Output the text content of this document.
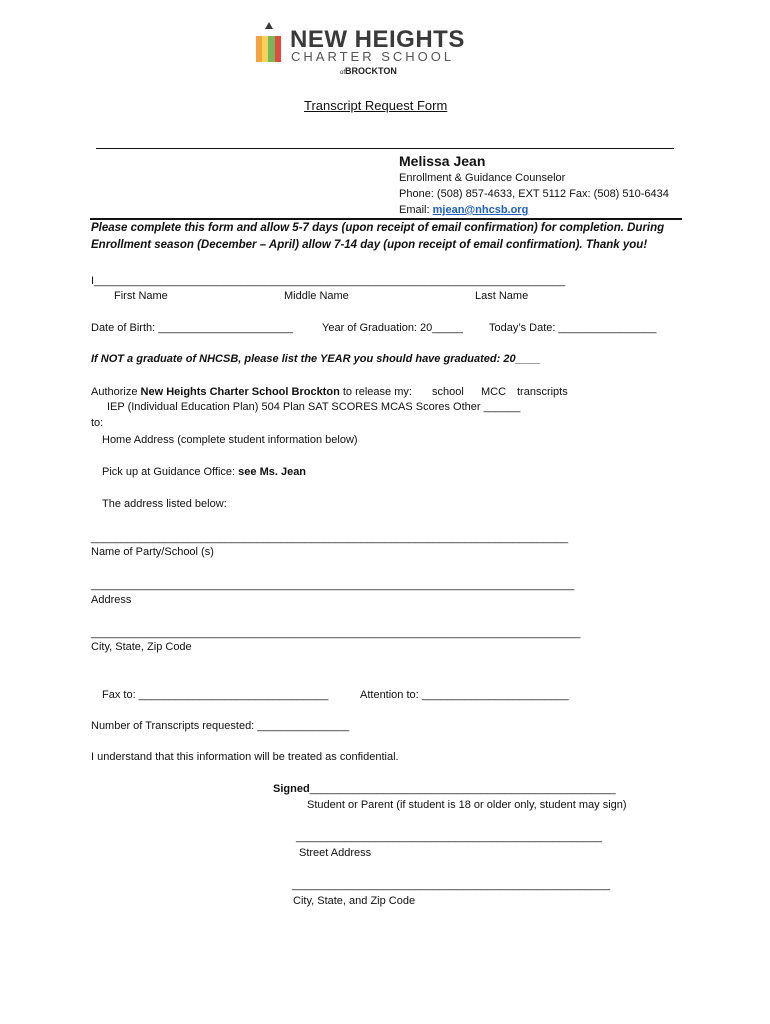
NEW HEIGHTS
CHARTER SCHOOL
ofBROCKTON
Transcript Request Form
Melissa Jean
Enrollment & Guidance Counselor
Phone: (508) 857-4633, EXT 5112 Fax: (508) 510-6434
Email: mjean@nhcsb.org
Please complete this form and allow 5-7 days (upon receipt of email confirmation) for completion. During
Enrollment season (December – April) allow 7-14 day (upon receipt of email confirmation). Thank you!
I_____________________________________________________________________________
First Name	Middle Name	Last Name
Date of Birth: ______________________	Year of Graduation: 20_____ Today’s Date: ________________
If NOT a graduate of NHCSB, please list the YEAR you should have graduated: 20____
Authorize New Heights Charter School Brockton to release my: school MCC transcripts
IEP (Individual Education Plan) 504 Plan SAT SCORES MCAS Scores Other ______
to:
Home Address (complete student information below)
Pick up at Guidance Office: see Ms. Jean
The address listed below:
______________________________________________________________________________
Name of Party/School (s)
_______________________________________________________________________________
Address
________________________________________________________________________________
City, State, Zip Code
Fax to: _______________________________	Attention to: ________________________
Number of Transcripts requested: _______________
I understand that this information will be treated as confidential.
Signed__________________________________________________
Student or Parent (if student is 18 or older only, student may sign)
__________________________________________________
Street Address
____________________________________________________
City, State, and Zip Code
